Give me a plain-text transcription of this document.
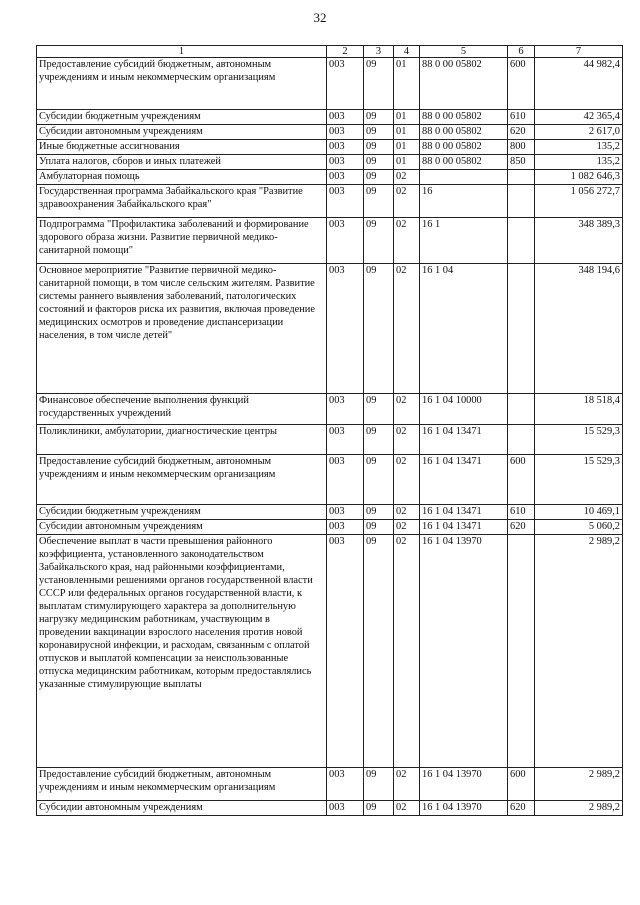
32
1	2	3	4	5	6	7
Предоставление субсидий бюджетным, автономным учреждениям и иным некоммерческим организациям	003	09	01	88 0 00 05802	600	44 982,4
Субсидии бюджетным учреждениям	003	09	01	88 0 00 05802	610	42 365,4
Субсидии автономным учреждениям	003	09	01	88 0 00 05802	620	2 617,0
Иные бюджетные ассигнования	003	09	01	88 0 00 05802	800	135,2
Уплата налогов, сборов и иных платежей	003	09	01	88 0 00 05802	850	135,2
Амбулаторная помощь	003	09	02			1 082 646,3
Государственная программа Забайкальского края "Развитие здравоохранения Забайкальского края"	003	09	02	16		1 056 272,7
Подпрограмма "Профилактика заболеваний и формирование здорового образа жизни. Развитие первичной медико-санитарной помощи"	003	09	02	16 1		348 389,3
Основное мероприятие "Развитие первичной медико-санитарной помощи, в том числе сельским жителям. Развитие системы раннего выявления заболеваний, патологических состояний и факторов риска их развития, включая проведение медицинских осмотров и проведение диспансеризации населения, в том числе детей"	003	09	02	16 1 04		348 194,6
Финансовое обеспечение выполнения функций государственных учреждений	003	09	02	16 1 04 10000		18 518,4
Поликлиники, амбулатории, диагностические центры	003	09	02	16 1 04 13471		15 529,3
Предоставление субсидий бюджетным, автономным учреждениям и иным некоммерческим организациям	003	09	02	16 1 04 13471	600	15 529,3
Субсидии бюджетным учреждениям	003	09	02	16 1 04 13471	610	10 469,1
Субсидии автономным учреждениям	003	09	02	16 1 04 13471	620	5 060,2
Обеспечение выплат в части превышения районного коэффициента, установленного законодательством Забайкальского края, над районными коэффициентами, установленными решениями органов государственной власти СССР или федеральных органов государственной власти, к выплатам стимулирующего характера за дополнительную нагрузку медицинским работникам, участвующим в проведении вакцинации взрослого населения против новой коронавирусной инфекции, и расходам, связанным с оплатой отпусков и выплатой компенсации за неиспользованные отпуска медицинским работникам, которым предоставлялись указанные стимулирующие выплаты	003	09	02	16 1 04 13970		2 989,2
Предоставление субсидий бюджетным, автономным учреждениям и иным некоммерческим организациям	003	09	02	16 1 04 13970	600	2 989,2
Субсидии автономным учреждениям	003	09	02	16 1 04 13970	620	2 989,2
